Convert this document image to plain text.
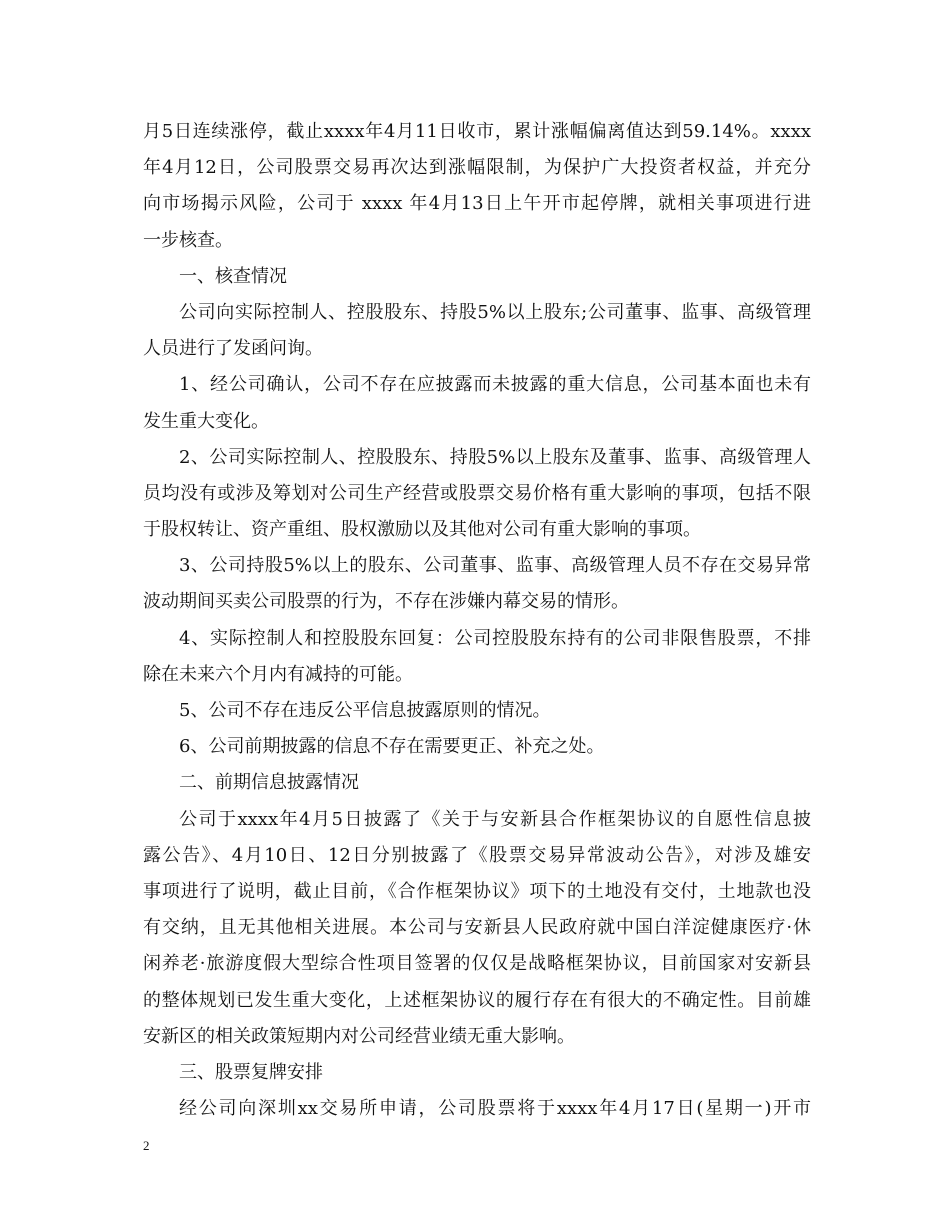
月5日连续涨停，截止xxxx年4月11日收市，累计涨幅偏离值达到59.14%。xxxx
年4月12日，公司股票交易再次达到涨幅限制，为保护广大投资者权益，并充分
向市场揭示风险，公司于 xxxx 年4月13日上午开市起停牌，就相关事项进行进
一步核查。
一、核查情况
公司向实际控制人、控股股东、持股5%以上股东;公司董事、监事、高级管理
人员进行了发函问询。
1、经公司确认，公司不存在应披露而未披露的重大信息，公司基本面也未有
发生重大变化。
2、公司实际控制人、控股股东、持股5%以上股东及董事、监事、高级管理人
员均没有或涉及筹划对公司生产经营或股票交易价格有重大影响的事项，包括不限
于股权转让、资产重组、股权激励以及其他对公司有重大影响的事项。
3、公司持股5%以上的股东、公司董事、监事、高级管理人员不存在交易异常
波动期间买卖公司股票的行为，不存在涉嫌内幕交易的情形。
4、实际控制人和控股股东回复：公司控股股东持有的公司非限售股票，不排
除在未来六个月内有减持的可能。
5、公司不存在违反公平信息披露原则的情况。
6、公司前期披露的信息不存在需要更正、补充之处。
二、前期信息披露情况
公司于xxxx年4月5日披露了《关于与安新县合作框架协议的自愿性信息披
露公告》、4月10日、12日分别披露了《股票交易异常波动公告》，对涉及雄安
事项进行了说明，截止目前，《合作框架协议》项下的土地没有交付，土地款也没
有交纳，且无其他相关进展。本公司与安新县人民政府就中国白洋淀健康医疗·休
闲养老·旅游度假大型综合性项目签署的仅仅是战略框架协议，目前国家对安新县
的整体规划已发生重大变化，上述框架协议的履行存在有很大的不确定性。目前雄
安新区的相关政策短期内对公司经营业绩无重大影响。
三、股票复牌安排
经公司向深圳xx交易所申请，公司股票将于xxxx年4月17日(星期一)开市
2
